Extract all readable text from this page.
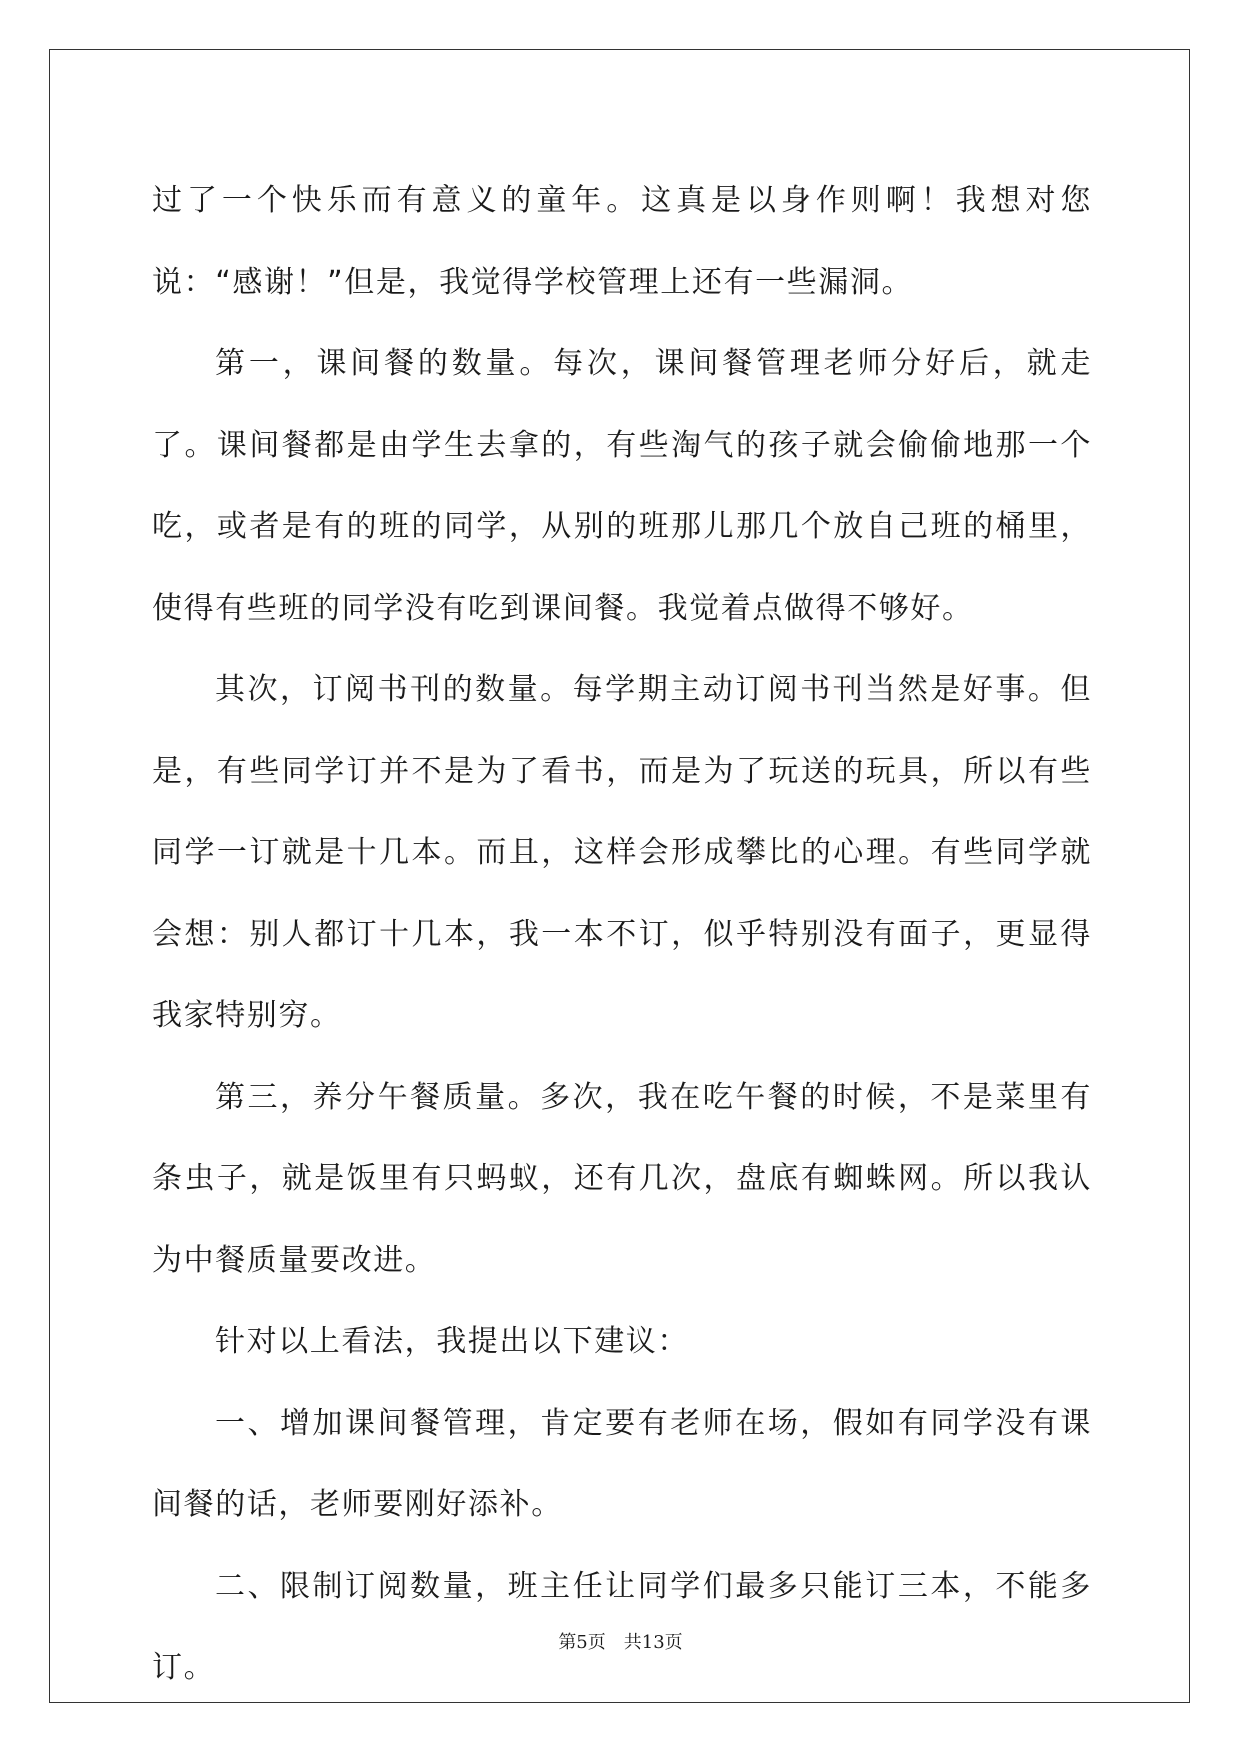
过了一个快乐而有意义的童年。这真是以身作则啊！我想对您说：“感谢！”但是，我觉得学校管理上还有一些漏洞。

第一，课间餐的数量。每次，课间餐管理老师分好后，就走了。课间餐都是由学生去拿的，有些淘气的孩子就会偷偷地那一个吃，或者是有的班的同学，从别的班那儿那几个放自己班的桶里，使得有些班的同学没有吃到课间餐。我觉着点做得不够好。

其次，订阅书刊的数量。每学期主动订阅书刊当然是好事。但是，有些同学订并不是为了看书，而是为了玩送的玩具，所以有些同学一订就是十几本。而且，这样会形成攀比的心理。有些同学就会想：别人都订十几本，我一本不订，似乎特别没有面子，更显得我家特别穷。

第三，养分午餐质量。多次，我在吃午餐的时候，不是菜里有条虫子，就是饭里有只蚂蚁，还有几次，盘底有蜘蛛网。所以我认为中餐质量要改进。

针对以上看法，我提出以下建议：

一、增加课间餐管理，肯定要有老师在场，假如有同学没有课间餐的话，老师要刚好添补。

二、限制订阅数量，班主任让同学们最多只能订三本，不能多订。

第5页 共13页
